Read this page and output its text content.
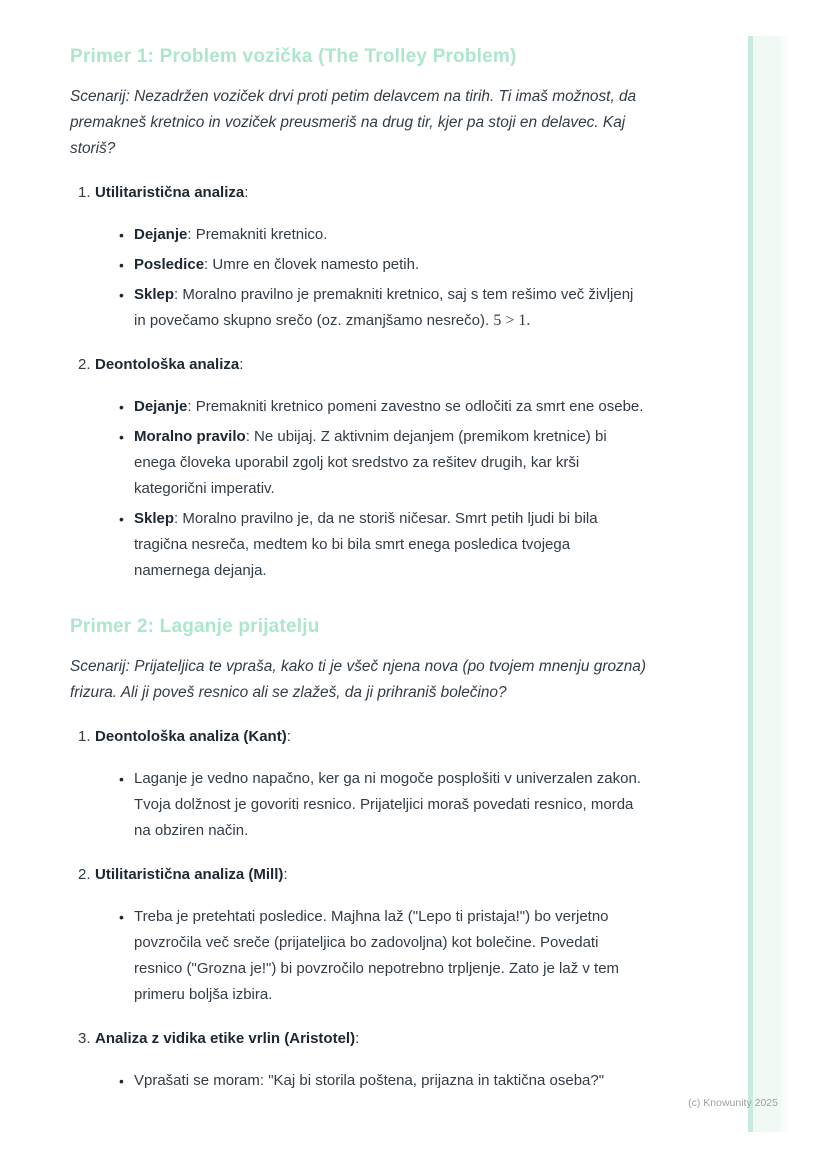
Primer 1: Problem vozička (The Trolley Problem)

Scenarij: Nezadržen voziček drvi proti petim delavcem na tirih. Ti imaš možnost, da premakneš kretnico in voziček preusmeriš na drug tir, kjer pa stoji en delavec. Kaj storiš?

1. Utilitaristična analiza:
• Dejanje: Premakniti kretnico.
• Posledice: Umre en človek namesto petih.
• Sklep: Moralno pravilno je premakniti kretnico, saj s tem rešimo več življenj in povečamo skupno srečo (oz. zmanjšamo nesrečo). 5 > 1.
2. Deontološka analiza:
• Dejanje: Premakniti kretnico pomeni zavestno se odločiti za smrt ene osebe.
• Moralno pravilo: Ne ubijaj. Z aktivnim dejanjem (premikom kretnice) bi enega človeka uporabil zgolj kot sredstvo za rešitev drugih, kar krši kategorični imperativ.
• Sklep: Moralno pravilno je, da ne storiš ničesar. Smrt petih ljudi bi bila tragična nesreča, medtem ko bi bila smrt enega posledica tvojega namernega dejanja.
Primer 2: Laganje prijatelju

Scenarij: Prijateljica te vpraša, kako ti je všeč njena nova (po tvojem mnenju grozna) frizura. Ali ji poveš resnico ali se zlažeš, da ji prihraniš bolečino?

1. Deontološka analiza (Kant):
• Laganje je vedno napačno, ker ga ni mogoče posplošiti v univerzalen zakon. Tvoja dolžnost je govoriti resnico. Prijateljici moraš povedati resnico, morda na obziren način.
2. Utilitaristična analiza (Mill):
• Treba je pretehtati posledice. Majhna laž ("Lepo ti pristaja!") bo verjetno povzročila več sreče (prijateljica bo zadovoljna) kot bolečine. Povedati resnico ("Grozna je!") bi povzročilo nepotrebno trpljenje. Zato je laž v tem primeru boljša izbira.
3. Analiza z vidika etike vrlin (Aristotel):
• Vprašati se moram: "Kaj bi storila poštena, prijazna in taktična oseba?"
(c) Knowunity 2025
